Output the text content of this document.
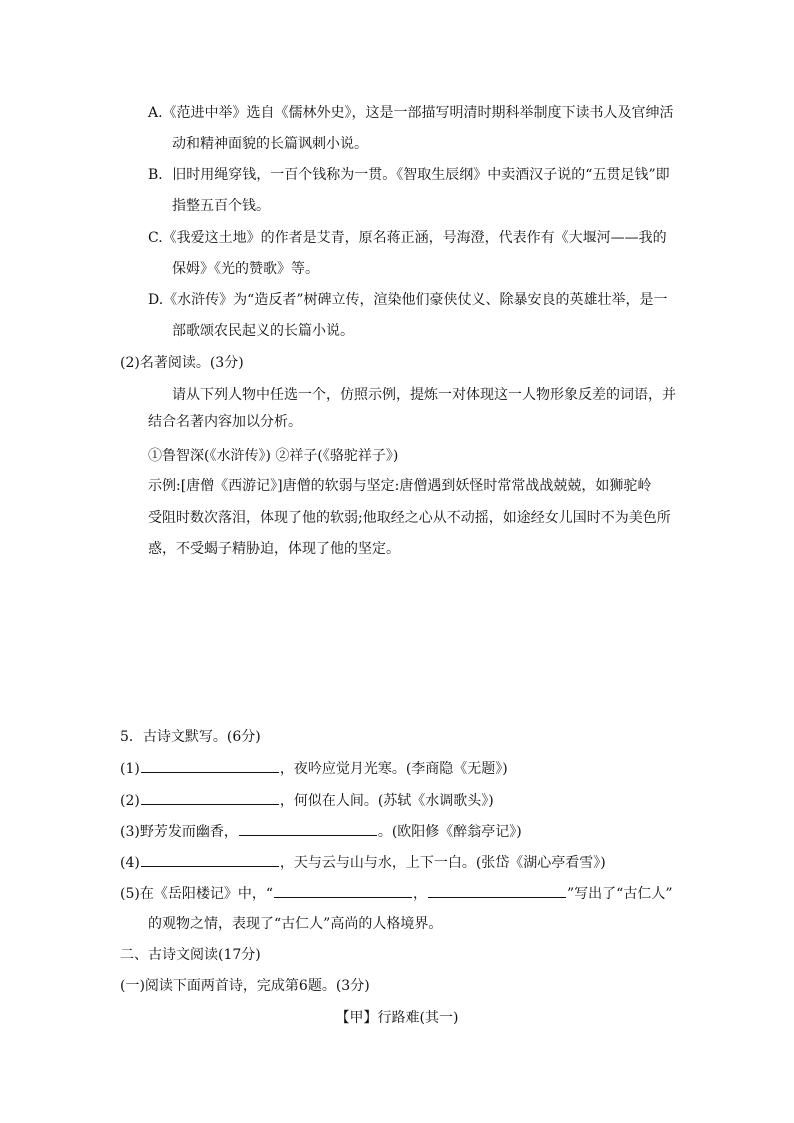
A.《范进中举》选自《儒林外史》，这是一部描写明清时期科举制度下读书人及官绅活
动和精神面貌的长篇讽刺小说。
B．旧时用绳穿钱，一百个钱称为一贯。《智取生辰纲》中卖酒汉子说的“五贯足钱”即
指整五百个钱。
C.《我爱这土地》的作者是艾青，原名蒋正涵，号海澄，代表作有《大堰河——我的
保姆》《光的赞歌》等。
D.《水浒传》为“造反者”树碑立传，渲染他们豪侠仗义、除暴安良的英雄壮举，是一
部歌颂农民起义的长篇小说。
(2)名著阅读。(3分)
请从下列人物中任选一个，仿照示例，提炼一对体现这一人物形象反差的词语，并
结合名著内容加以分析。
①鲁智深(《水浒传》) ②祥子(《骆驼祥子》)
示例:[唐僧《西游记》]唐僧的软弱与坚定:唐僧遇到妖怪时常常战战兢兢，如狮驼岭
受阻时数次落泪，体现了他的软弱;他取经之心从不动摇，如途经女儿国时不为美色所
惑，不受蝎子精胁迫，体现了他的坚定。
5．古诗文默写。(6分)
(1)	，夜吟应觉月光寒。(李商隐《无题》)
(2)	，何似在人间。(苏轼《水调歌头》)
(3)野芳发而幽香，	。(欧阳修《醉翁亭记》)
(4)	，天与云与山与水，上下一白。(张岱《湖心亭看雪》)
(5)在《岳阳楼记》中，“	，	”写出了“古仁人”
的观物之情，表现了“古仁人”高尚的人格境界。
二、古诗文阅读(17分)
(一)阅读下面两首诗，完成第6题。(3分)
【甲】行路难(其一)
